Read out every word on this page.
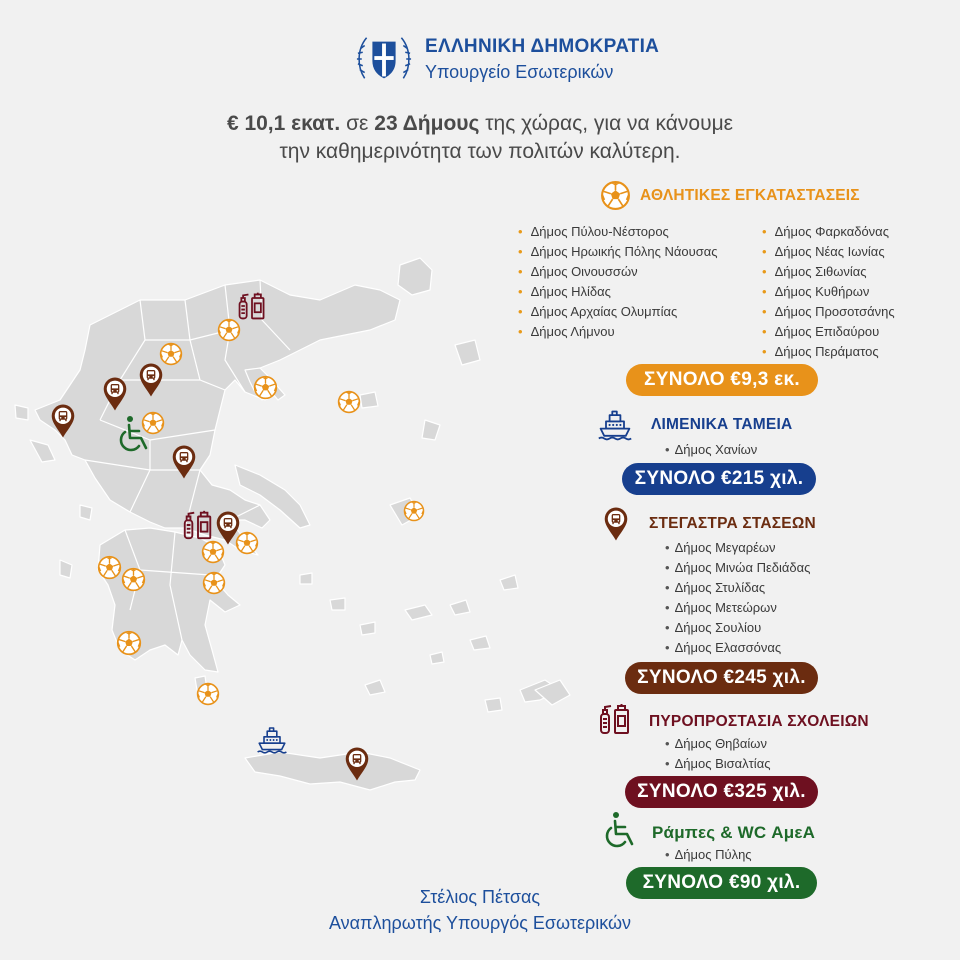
ΕΛΛΗΝΙΚΗ ΔΗΜΟΚΡΑΤΙΑ
Υπουργείο Εσωτερικών
€ 10,1 εκατ. σε 23 Δήμους της χώρας, για να κάνουμε
την καθημερινότητα των πολιτών καλύτερη.
ΑΘΛΗΤΙΚΕΣ ΕΓΚΑΤΑΣΤΑΣΕΙΣ
• Δήμος Πύλου-Νέστορος
• Δήμος Ηρωικής Πόλης Νάουσας
• Δήμος Οινουσσών
• Δήμος Ηλίδας
• Δήμος Αρχαίας Ολυμπίας
• Δήμος Λήμνου
• Δήμος Φαρκαδόνας
• Δήμος Νέας Ιωνίας
• Δήμος Σιθωνίας
• Δήμος Κυθήρων
• Δήμος Προσοτσάνης
• Δήμος Επιδαύρου
• Δήμος Περάματος
ΣΥΝΟΛΟ €9,3 εκ.
ΛΙΜΕΝΙΚΑ ΤΑΜΕΙΑ
• Δήμος Χανίων
ΣΥΝΟΛΟ €215 χιλ.
ΣΤΕΓΑΣΤΡΑ ΣΤΑΣΕΩΝ
• Δήμος Μεγαρέων
• Δήμος Μινώα Πεδιάδας
• Δήμος Στυλίδας
• Δήμος Μετεώρων
• Δήμος Σουλίου
• Δήμος Ελασσόνας
ΣΥΝΟΛΟ €245 χιλ.
ΠΥΡΟΠΡΟΣΤΑΣΙΑ ΣΧΟΛΕΙΩΝ
• Δήμος Θηβαίων
• Δήμος Βισαλτίας
ΣΥΝΟΛΟ €325 χιλ.
Ράμπες & WC ΑμεΑ
• Δήμος Πύλης
ΣΥΝΟΛΟ €90 χιλ.
Στέλιος Πέτσας
Αναπληρωτής Υπουργός Εσωτερικών
